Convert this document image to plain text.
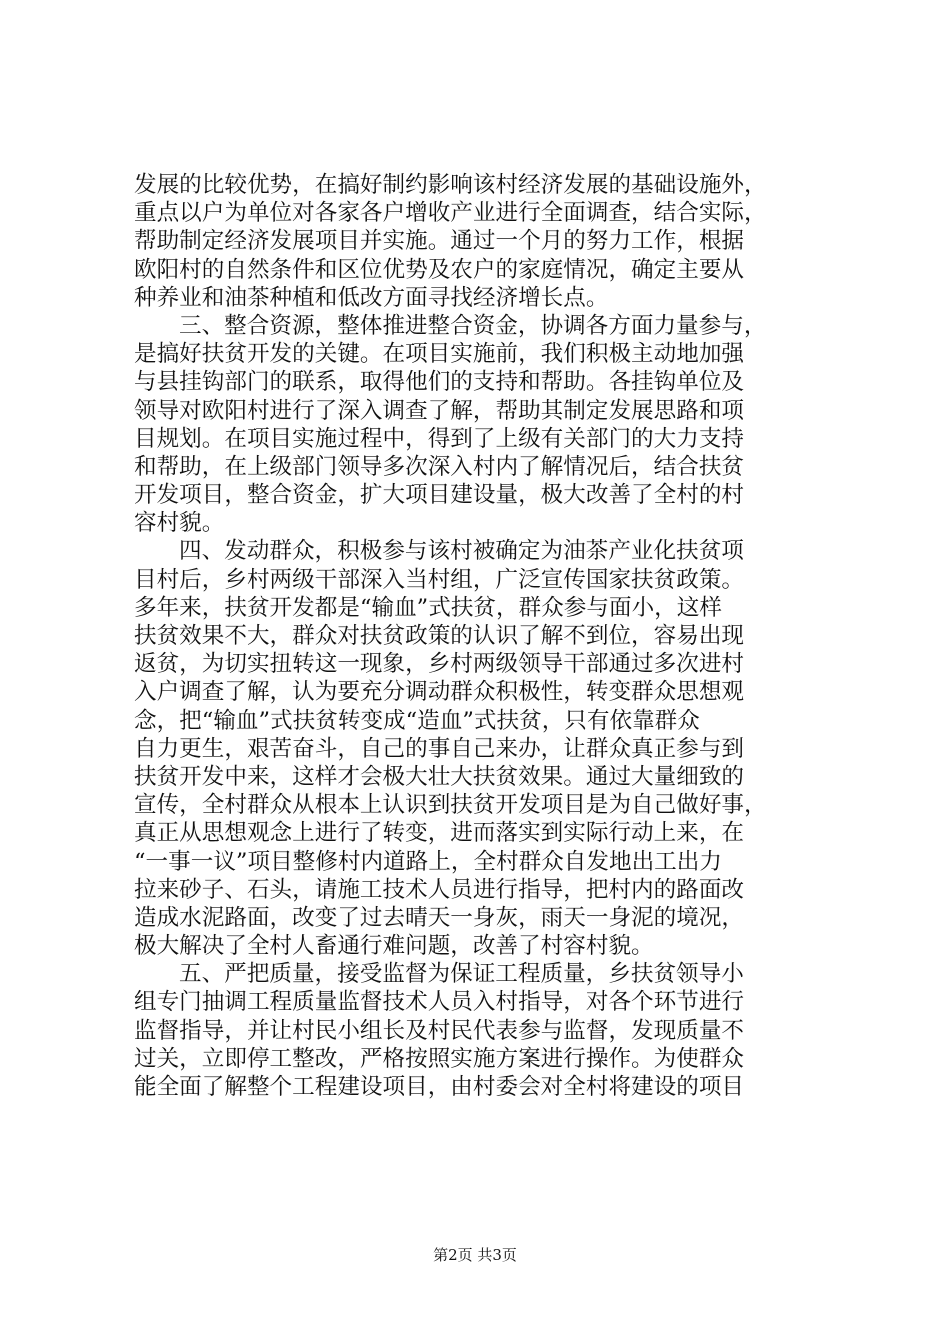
发展的比较优势，在搞好制约影响该村经济发展的基础设施外，
重点以户为单位对各家各户增收产业进行全面调查，结合实际，
帮助制定经济发展项目并实施。通过一个月的努力工作，根据
欧阳村的自然条件和区位优势及农户的家庭情况，确定主要从
种养业和油茶种植和低改方面寻找经济增长点。
三、整合资源，整体推进整合资金，协调各方面力量参与，
是搞好扶贫开发的关键。在项目实施前，我们积极主动地加强
与县挂钩部门的联系，取得他们的支持和帮助。各挂钩单位及
领导对欧阳村进行了深入调查了解，帮助其制定发展思路和项
目规划。在项目实施过程中，得到了上级有关部门的大力支持
和帮助，在上级部门领导多次深入村内了解情况后，结合扶贫
开发项目，整合资金，扩大项目建设量，极大改善了全村的村
容村貌。
四、发动群众，积极参与该村被确定为油茶产业化扶贫项
目村后，乡村两级干部深入当村组，广泛宣传国家扶贫政策。
多年来，扶贫开发都是“输血”式扶贫，群众参与面小，这样
扶贫效果不大，群众对扶贫政策的认识了解不到位，容易出现
返贫，为切实扭转这一现象，乡村两级领导干部通过多次进村
入户调查了解，认为要充分调动群众积极性，转变群众思想观
念，把“输血”式扶贫转变成“造血”式扶贫，只有依靠群众
自力更生，艰苦奋斗，自己的事自己来办，让群众真正参与到
扶贫开发中来，这样才会极大壮大扶贫效果。通过大量细致的
宣传，全村群众从根本上认识到扶贫开发项目是为自己做好事，
真正从思想观念上进行了转变，进而落实到实际行动上来，在
“一事一议”项目整修村内道路上，全村群众自发地出工出力
拉来砂子、石头，请施工技术人员进行指导，把村内的路面改
造成水泥路面，改变了过去晴天一身灰，雨天一身泥的境况，
极大解决了全村人畜通行难问题，改善了村容村貌。
五、严把质量，接受监督为保证工程质量，乡扶贫领导小
组专门抽调工程质量监督技术人员入村指导，对各个环节进行
监督指导，并让村民小组长及村民代表参与监督，发现质量不
过关，立即停工整改，严格按照实施方案进行操作。为使群众
能全面了解整个工程建设项目，由村委会对全村将建设的项目
第2页 共3页
